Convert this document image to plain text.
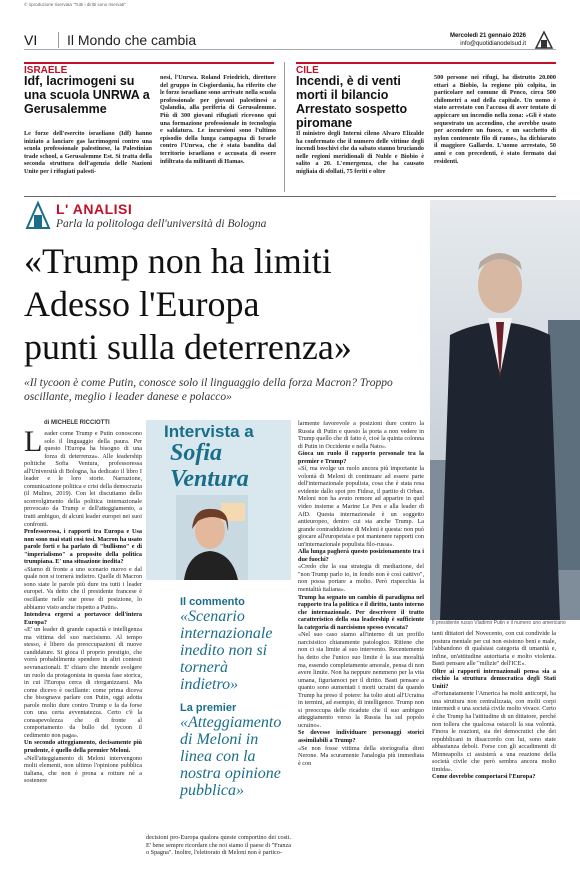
© riproduzione riservata "Tutti i diritti sono riservati"
VI	Il Mondo che cambia	Mercoledì 21 gennaio 2026
info@quotidianodelsud.it
ISRAELE
Idf, lacrimogeni su una scuola UNRWA a Gerusalemme
Le forze dell'esercito israeliano (Idf) hanno iniziato a lanciare gas lacrimogeni contro una scuola professionale palestinese, la Palestinian trade school, a Gerusalemme Est. Si tratta della seconda struttura dell'agenzia delle Nazioni Unite per i rifugiati palesti-
nesi, l'Unrwa. Roland Friedrich, direttore del gruppo in Cisgiordania, ha riferito che le forze israeliane sono arrivate nella scuola professionale per giovani palestinesi a Qalandia, alla periferia di Gerusalemme. Più di 300 giovani rifugiati ricevono qui una formazione professionale in tecnologia e saldatura. Le incursioni sono l'ultimo episodio della lunga campagna di Israele contro l'Unrwa, che è stata bandita dal territorio israeliano e accusata di essere infiltrata da militanti di Hamas.
CILE
Incendi, è di venti morti il bilancio Arrestato sospetto piromane
Il ministro degli Interni cileno Alvaro Elizalde ha confermato che il numero delle vittime degli incendi boschivi che da sabato stanno bruciando nelle regioni meridionali di Nuble e Biobio è salito a 20. L'emergenza, che ha causato migliaia di sfollati, 75 feriti e oltre
500 persone nei rifugi, ha distrutto 20.000 ettari a Biobio, la regione più colpita, in particolare nel comune di Penco, circa 500 chilometri a sud della capitale. Un uomo è stato arrestato con l'accusa di aver tentato di appiccare un incendio nella zona: «Gli è stato sequestrato un accendino, che avrebbe usato per accendere un fuoco, e un sacchetto di nylon contenente filo di rame», ha dichiarato il maggiore Gallardo. L'uomo arrestato, 50 anni e con precedenti, è stato fermato dai residenti.
L' ANALISI
Parla la politologa dell'università di Bologna
«Trump non ha limiti
Adesso l'Europa
punti sulla deterrenza»
«Il tycoon è come Putin, conosce solo il linguaggio della forza Macron? Troppo oscillante, meglio i leader danese e polacco»
Il presidente russo Vladimir Putin e il numero uno americano
di MICHELE RICCIOTTI

Leader come Trump e Putin conoscono solo il linguaggio della paura. Per questo l'Europa ha bisogno di una forza di deterrenza». Alle leadership politiche Sofia Ventura, professoressa all'Università di Bologna, ha dedicato il libro I leader e le loro storie. Narrazione, comunicazione politica e crisi della democrazia (il Mulino, 2019). Con lei discutiamo dello sconvolgimento della politica internazionale provocato da Trump e dell'atteggiamento, a tratti ambiguo, di alcuni leader europei nei suoi confronti.

Professoressa, i rapporti tra Europa e Usa non sono mai stati così tesi. Macron ha usato parole forti e ha parlato di "bullismo" e di "imperialismo" a proposito della politica trumpiana. E' una situazione inedita?

«Siamo di fronte a uno scenario nuovo e dal quale non si tornerà indietro. Quelle di Macron sono state le parole più dure tra tutti i leader europei. Va detto che il presidente francese è oscillante nelle sue prese di posizione, lo abbiamo visto anche rispetto a Putin».

Intendeva ergersi a portavoce dell'intera Europa?

«E' un leader di grande capacità e intelligenza ma vittima del suo narcisismo. Al tempo stesso, è libero da preoccupazioni di nuove candidature. Si gioca il proprio prestigio, che vorrà probabilmente spendere in altri contesti sovranazionali. E' chiaro che intende svolgere un ruolo da protagonista in questa fase storica, in cui l'Europa cerca di riorganizzarsi. Ma come dicevo è oscillante: come prima diceva che bisognava parlare con Putin, oggi adotta parole molto dure contro Trump e fa da forse con una certa avventatezza. Certo c'è la consapevolezza che di fronte al comportamento da bullo del tycoon il cedimento non paga».

Un secondo atteggiamento, decisamente più prudente, è quello della premier Meloni.

«Nell'atteggiamento di Meloni intervengono molti elementi, non ultimo l'opinione pubblica italiana, che non è prona a rotture né a sostenere

Intervista a
Sofia
Ventura
Il commento
«Scenario internazionale inedito non si tornerà indietro»
La premier
«Atteggiamento di Meloni in linea con la nostra opinione pubblica»

decisioni pro-Europa qualora queste comportino dei costi. E' bene sempre ricordare che noi siamo il paese di "Franza o Spagna". Inoltre, l'elettorato di Meloni non è partico-

larmente favorevole a posizioni dure contro la Russia di Putin e questo la porta a non vedere in Trump quello che di fatto è, cioè la quinta colonna di Putin in Occidente e nella Nato».

Gioca un ruolo il rapporto personale tra la premier e Trump?

«Sì, ma svolge un ruolo ancora più importante la volontà di Meloni di continuare ad essere parte dell'internazionale populista, cosa che è stata resa evidente dallo spot pro Fidesz, il partito di Orban. Meloni non ha avuto remore ad apparire in quel video insieme a Marine Le Pen e alla leader di AfD. Questa internazionale è un soggetto antieuropeo, dentro cui sta anche Trump. La grande contraddizione di Meloni è questa: non può giocare all'europeista e poi mantenere rapporti con un'internazionale populista filo-russa».

Alla lunga pagherà questo posizionamento tra i due fuochi?

«Credo che la sua strategia di mediazione, del "non Trump parlo io, in fondo non è così cattivo", non possa portare a molto. Però rispecchia la mentalità italiana».

Trump ha segnato un cambio di paradigma nel rapporto tra la politica e il diritto, tanto interno che internazionale. Per descrivere il tratto caratteristico della sua leadership è sufficiente la categoria di narcisismo spesso evocata?

«Nel suo caso siamo all'interno di un profilo narcisistico chiaramente patologico. Ritiene che non ci sia limite al suo intervento. Recentemente ha detto che l'unico suo limite è la sua moralità ma, essendo completamente amorale, pensa di non avere limite. Non ha neppure nemmeno per la vita umana, figuriamoci per il diritto. Basti pensare a quanto sono aumentati i morti ucraini da quando Trump ha preso il potere: ha tolto aiuti all'Ucraina in termini, ad esempio, di intelligence. Trump non si preoccupa delle ricadute che il suo ambiguo atteggiamento verso la Russia ha sul popolo ucraino».

Se dovesse individuare personaggi storici assimilabili a Trump?

«Se non fosse vittima della storiografia direi Nerone. Ma scuramente l'analogia più immediata è con

tanti dittatori del Novecento, con cui condivide la postura mentale per cui non esistono beni e male, l'abbandono di qualsiasi categoria di umanità e, infine, un'attitudine autoritaria e molto violenta. Basti pensare alle "milizie" dell'ICE».

Oltre ai rapporti internazionali pensa sia a rischio la struttura democratica degli Stati Uniti?

«Fortunatamente l'America ha molti anticorpi, ha una struttura non centralizzata, con molti corpi intermedi e una società civile molto vivace. Certo è che Trump ha l'attitudine di un dittatore, perché non tollera che qualcosa ostacoli la sua volontà. Finora le reazioni, sia dei democratici che dei repubblicani in disaccordo con lui, sono state abbastanza deboli. Forse con gli accadimenti di Minneapolis ci assisterà a una reazione della società civile che però sembra ancora molto timida».

Come dovrebbe comportarsi l'Europa?
